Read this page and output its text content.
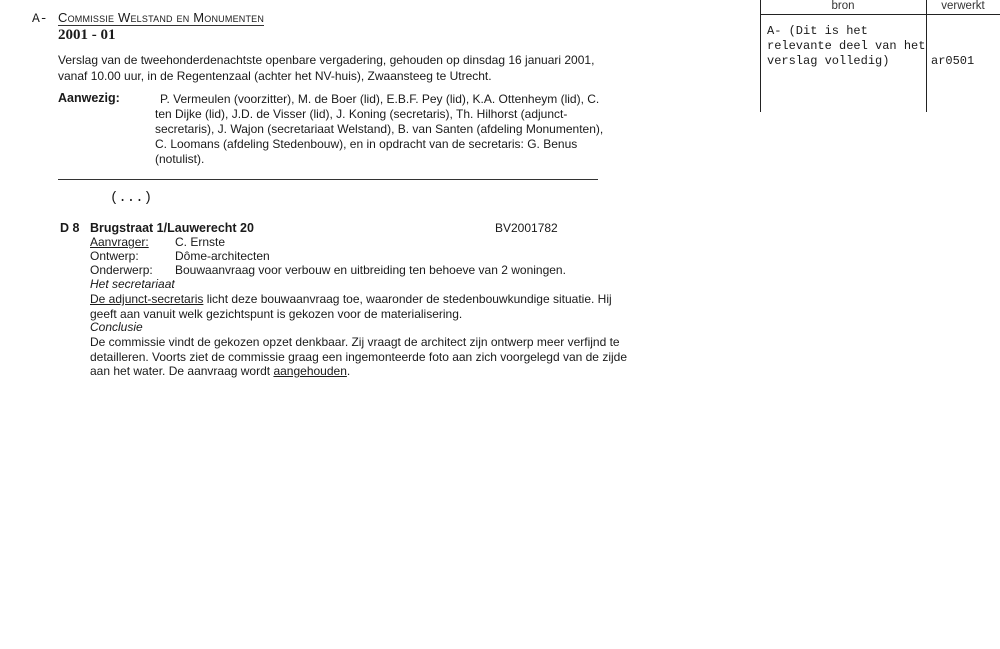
A- Commissie Welstand en Monumenten
2001 - 01
Verslag van de tweehonderdenachtste openbare vergadering, gehouden op dinsdag 16 januari 2001, vanaf 10.00 uur, in de Regentenzaal (achter het NV-huis), Zwaansteeg te Utrecht.
Aanwezig:	P. Vermeulen (voorzitter), M. de Boer (lid), E.B.F. Pey (lid), K.A. Ottenheym (lid), C. ten Dijke (lid), J.D. de Visser (lid), J. Koning (secretaris), Th. Hilhorst (adjunct-secretaris), J. Wajon (secretariaat Welstand), B. van Santen (afdeling Monumenten), C. Loomans (afdeling Stedenbouw), en in opdracht van de secretaris: G. Benus (notulist).
(...)
D 8 Brugstraat 1/Lauwerecht 20	BV2001782
Aanvrager: C. Ernste
Ontwerp:	Dôme-architecten
Onderwerp: Bouwaanvraag voor verbouw en uitbreiding ten behoeve van 2 woningen.
Het secretariaat
De adjunct-secretaris licht deze bouwaanvraag toe, waaronder de stedenbouwkundige situatie. Hij geeft aan vanuit welk gezichtspunt is gekozen voor de materialisering.
Conclusie
De commissie vindt de gekozen opzet denkbaar. Zij vraagt de architect zijn ontwerp meer verfijnd te detailleren. Voorts ziet de commissie graag een ingemonteerde foto aan zich voorgelegd van de zijde aan het water. De aanvraag wordt aangehouden.
bron	verwerkt
A- (Dit is het relevante deel van het verslag volledig)	ar0501
